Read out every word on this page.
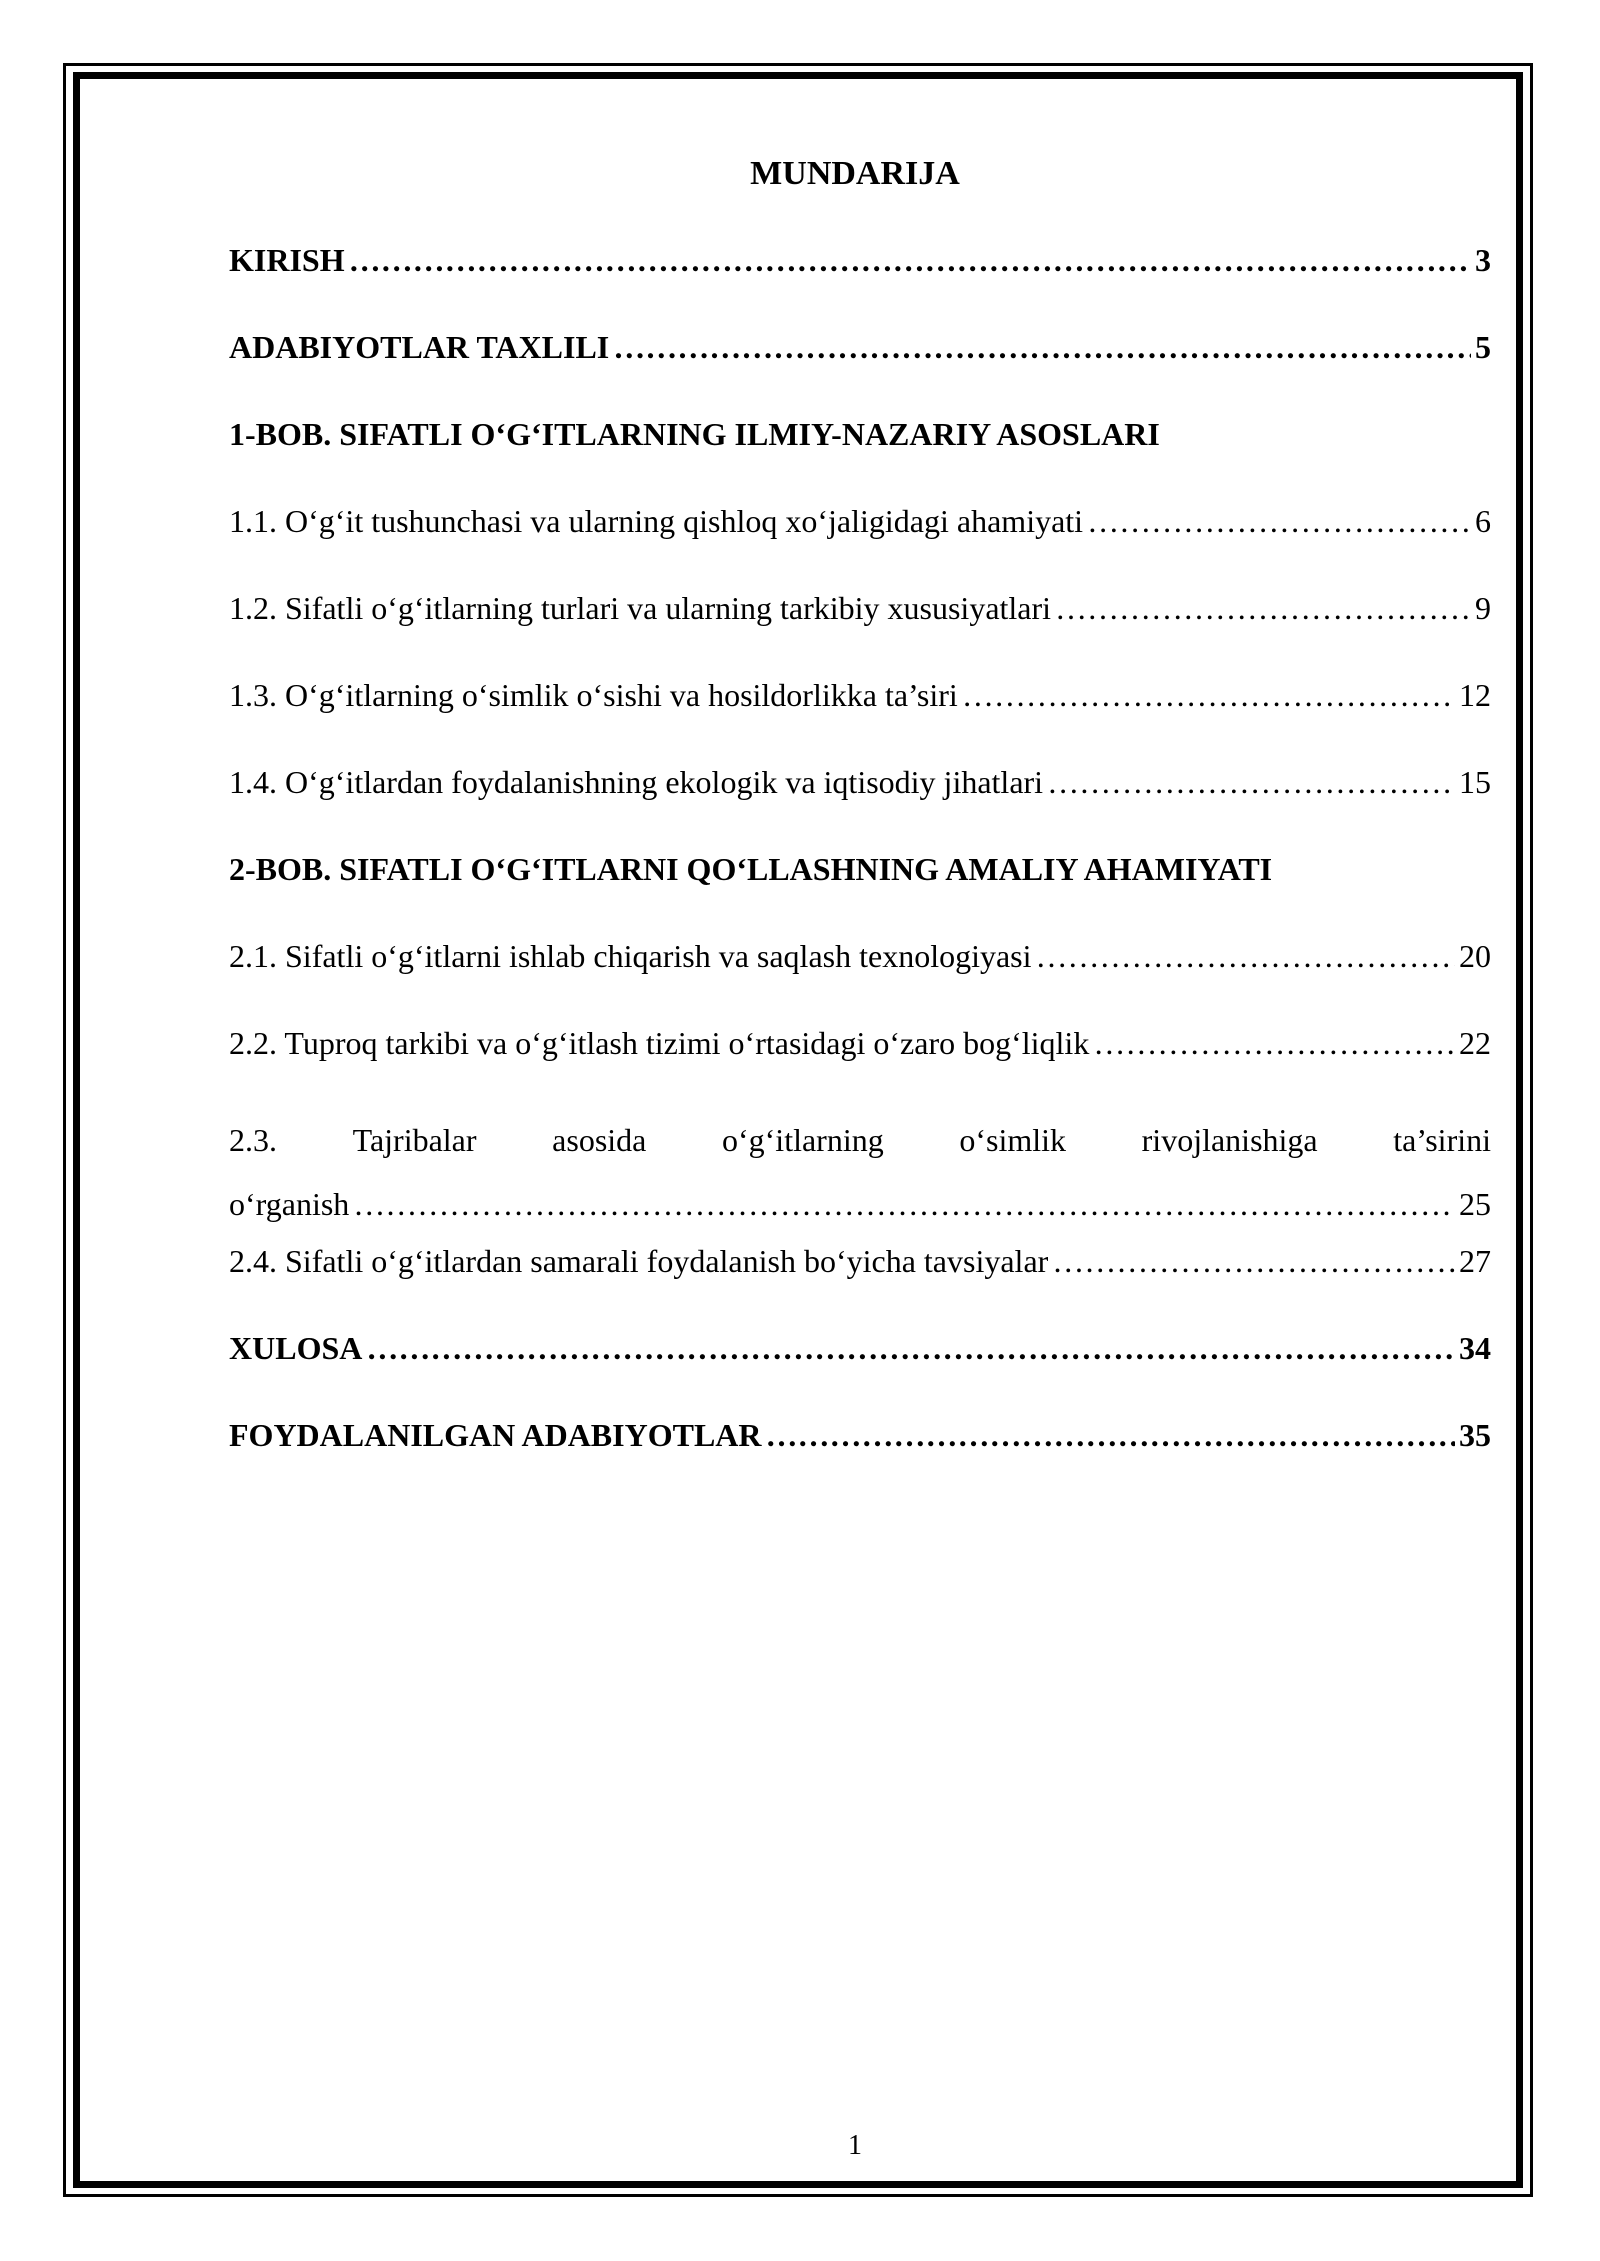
MUNDARIJA
KIRISH ……………………………………………………………………………………………………………………………………	3
ADABIYOTLAR TAXLILI ……………………………………………………………………………………………………………………………………	5
1-BOB. SIFATLI O‘G‘ITLARNING ILMIY-NAZARIY ASOSLARI
1.1. O‘g‘it tushunchasi va ularning qishloq xo‘jaligidagi ahamiyati ……………………………………………………………………………………………………………………………………	6
1.2. Sifatli o‘g‘itlarning turlari va ularning tarkibiy xususiyatlari ……………………………………………………………………………………………………………………………………	9
1.3. O‘g‘itlarning o‘simlik o‘sishi va hosildorlikka ta’siri ……………………………………………………………………………………………………………………………………	12
1.4. O‘g‘itlardan foydalanishning ekologik va iqtisodiy jihatlari ……………………………………………………………………………………………………………………………………	15
2-BOB. SIFATLI O‘G‘ITLARNI QO‘LLASHNING AMALIY AHAMIYATI
2.1. Sifatli o‘g‘itlarni ishlab chiqarish va saqlash texnologiyasi ……………………………………………………………………………………………………………………………………	20
2.2. Tuproq tarkibi va o‘g‘itlash tizimi o‘rtasidagi o‘zaro bog‘liqlik ……………………………………………………………………………………………………………………………………	22
2.3. Tajribalar asosida o‘g‘itlarning o‘simlik rivojlanishiga ta’sirini
o‘rganish ……………………………………………………………………………………………………………………………………	25
2.4. Sifatli o‘g‘itlardan samarali foydalanish bo‘yicha tavsiyalar ……………………………………………………………………………………………………………………………………	27
XULOSA ……………………………………………………………………………………………………………………………………	34
FOYDALANILGAN ADABIYOTLAR ……………………………………………………………………………………………………………………………………	35
1
